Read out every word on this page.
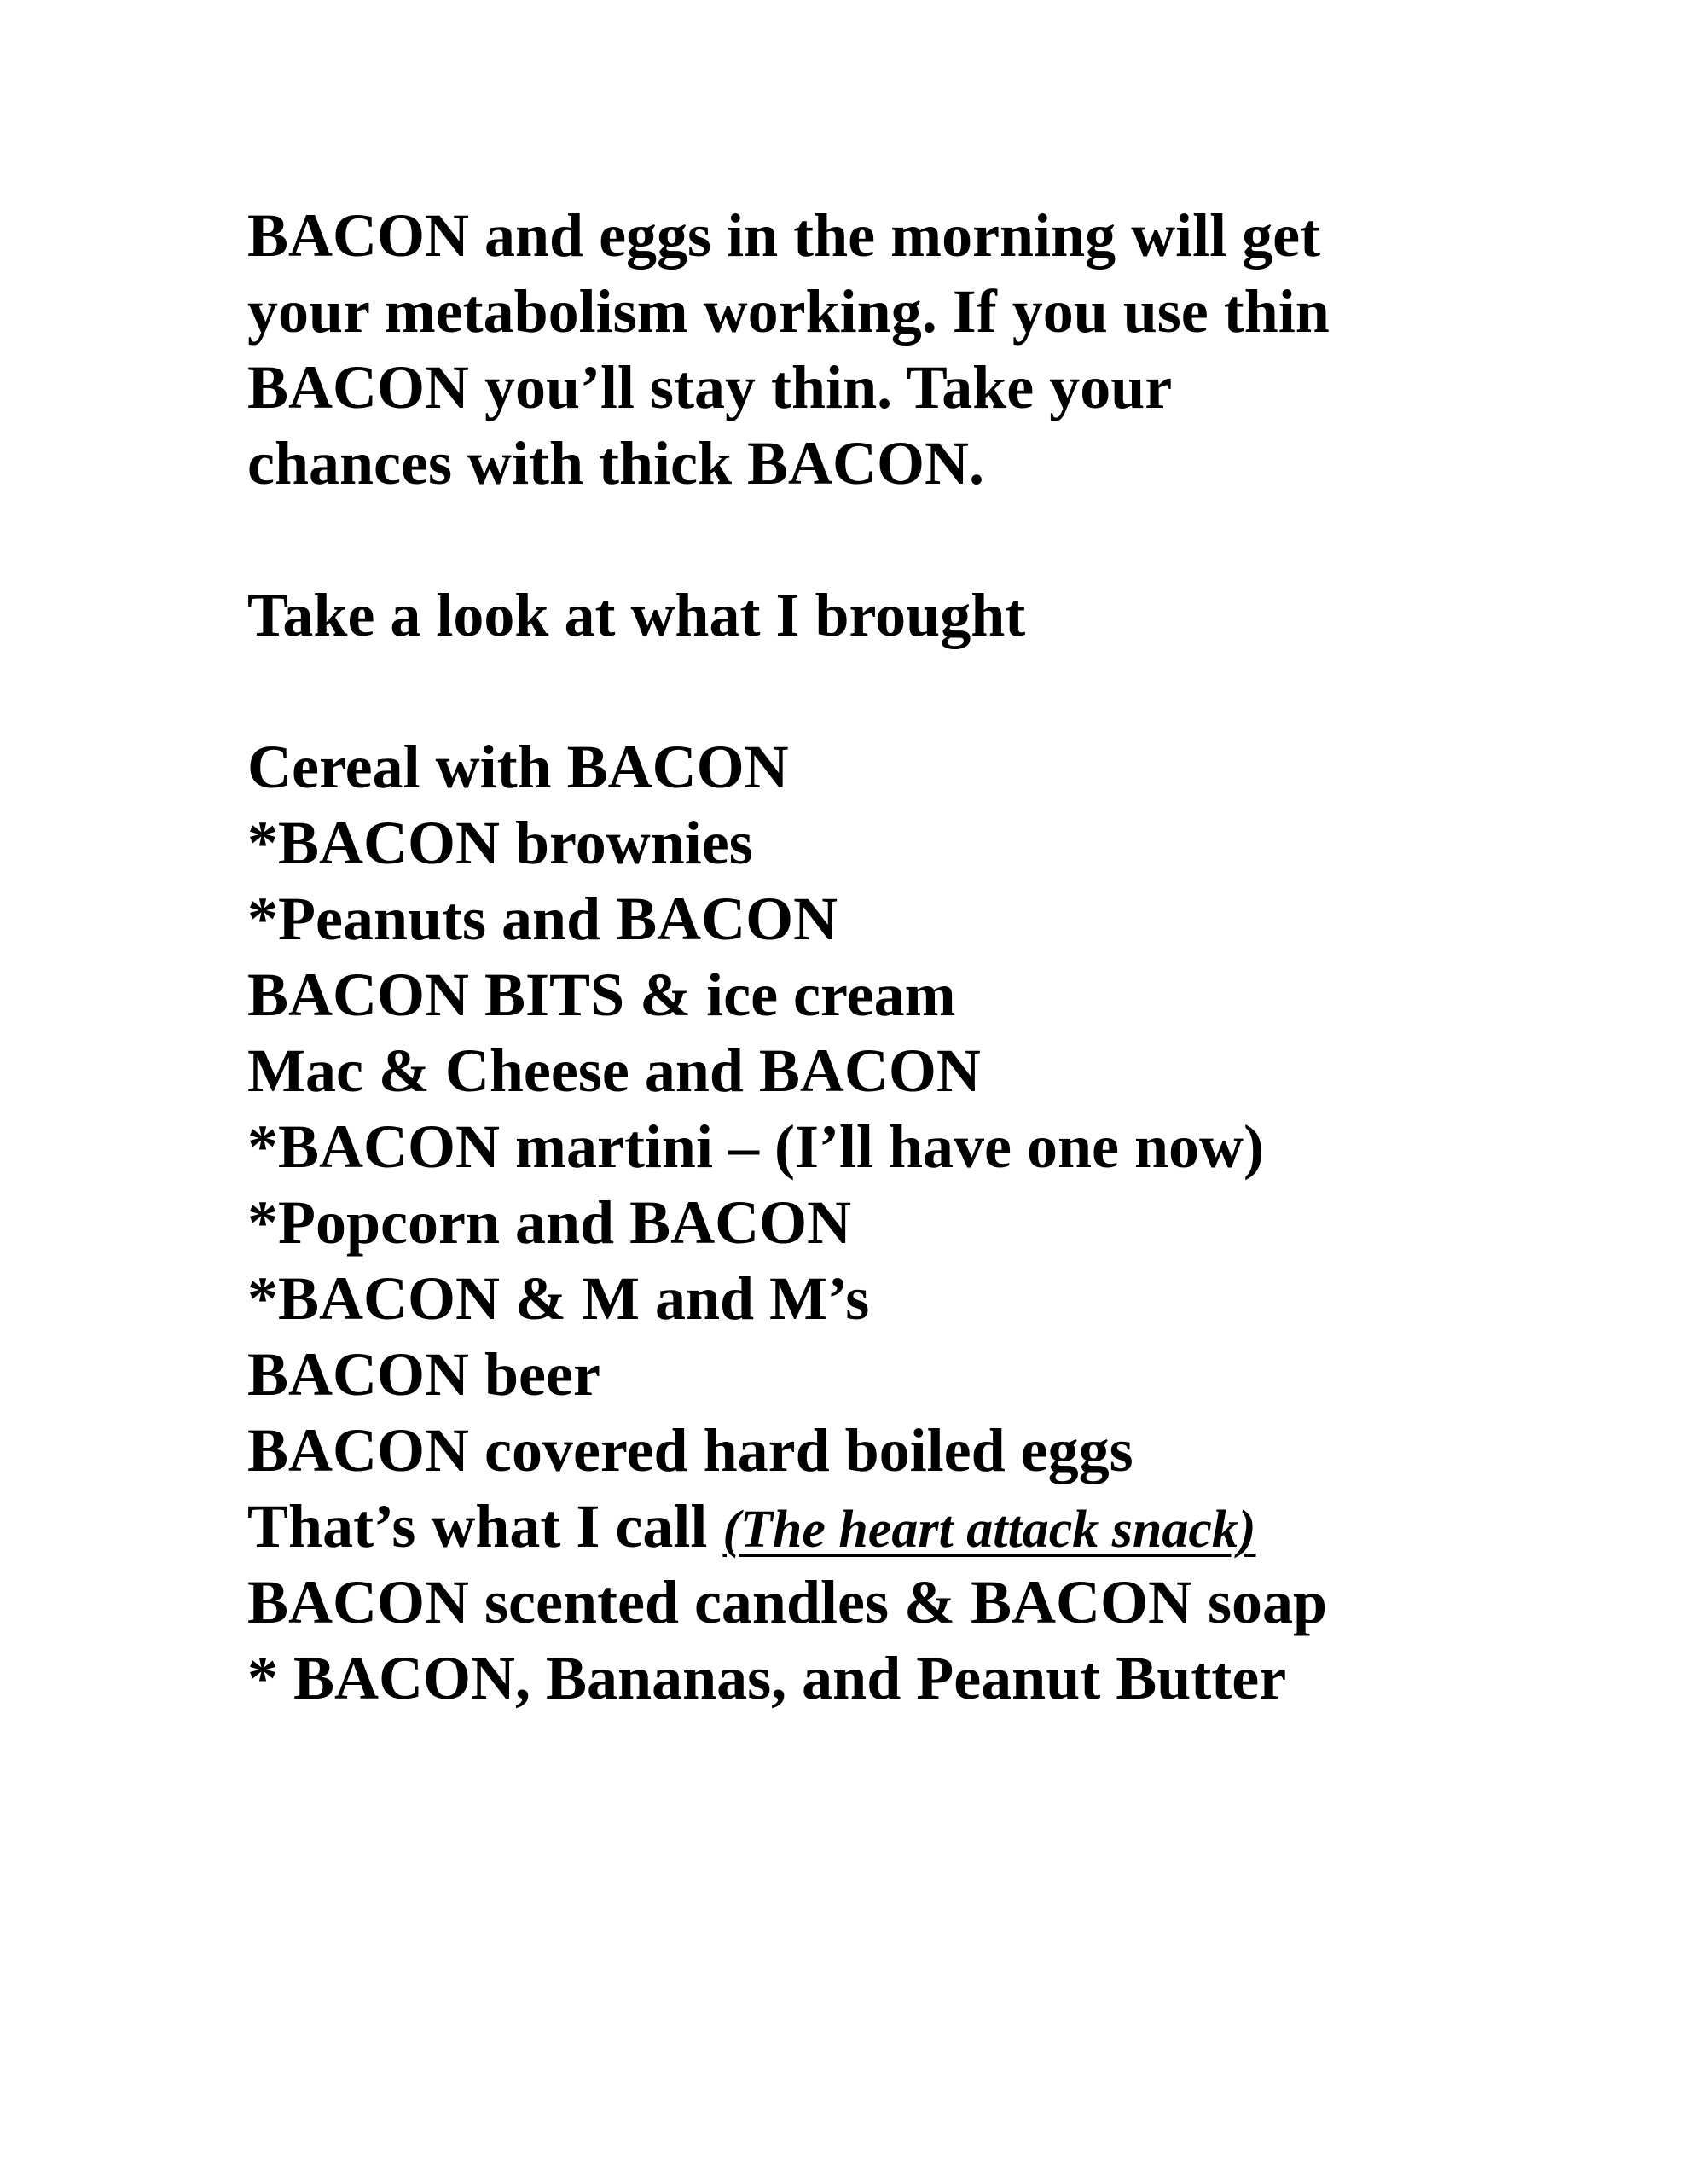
BACON and eggs in the morning will get
your metabolism working. If you use thin
BACON you’ll stay thin. Take your
chances with thick BACON.
Take a look at what I brought
Cereal with BACON
*BACON brownies
*Peanuts and BACON
BACON BITS & ice cream
Mac & Cheese and BACON
*BACON martini – (I’ll have one now)
*Popcorn and BACON
*BACON & M and M’s
BACON beer
BACON covered hard boiled eggs
That’s what I call (The heart attack snack)
BACON scented candles & BACON soap
* BACON, Bananas, and Peanut Butter
